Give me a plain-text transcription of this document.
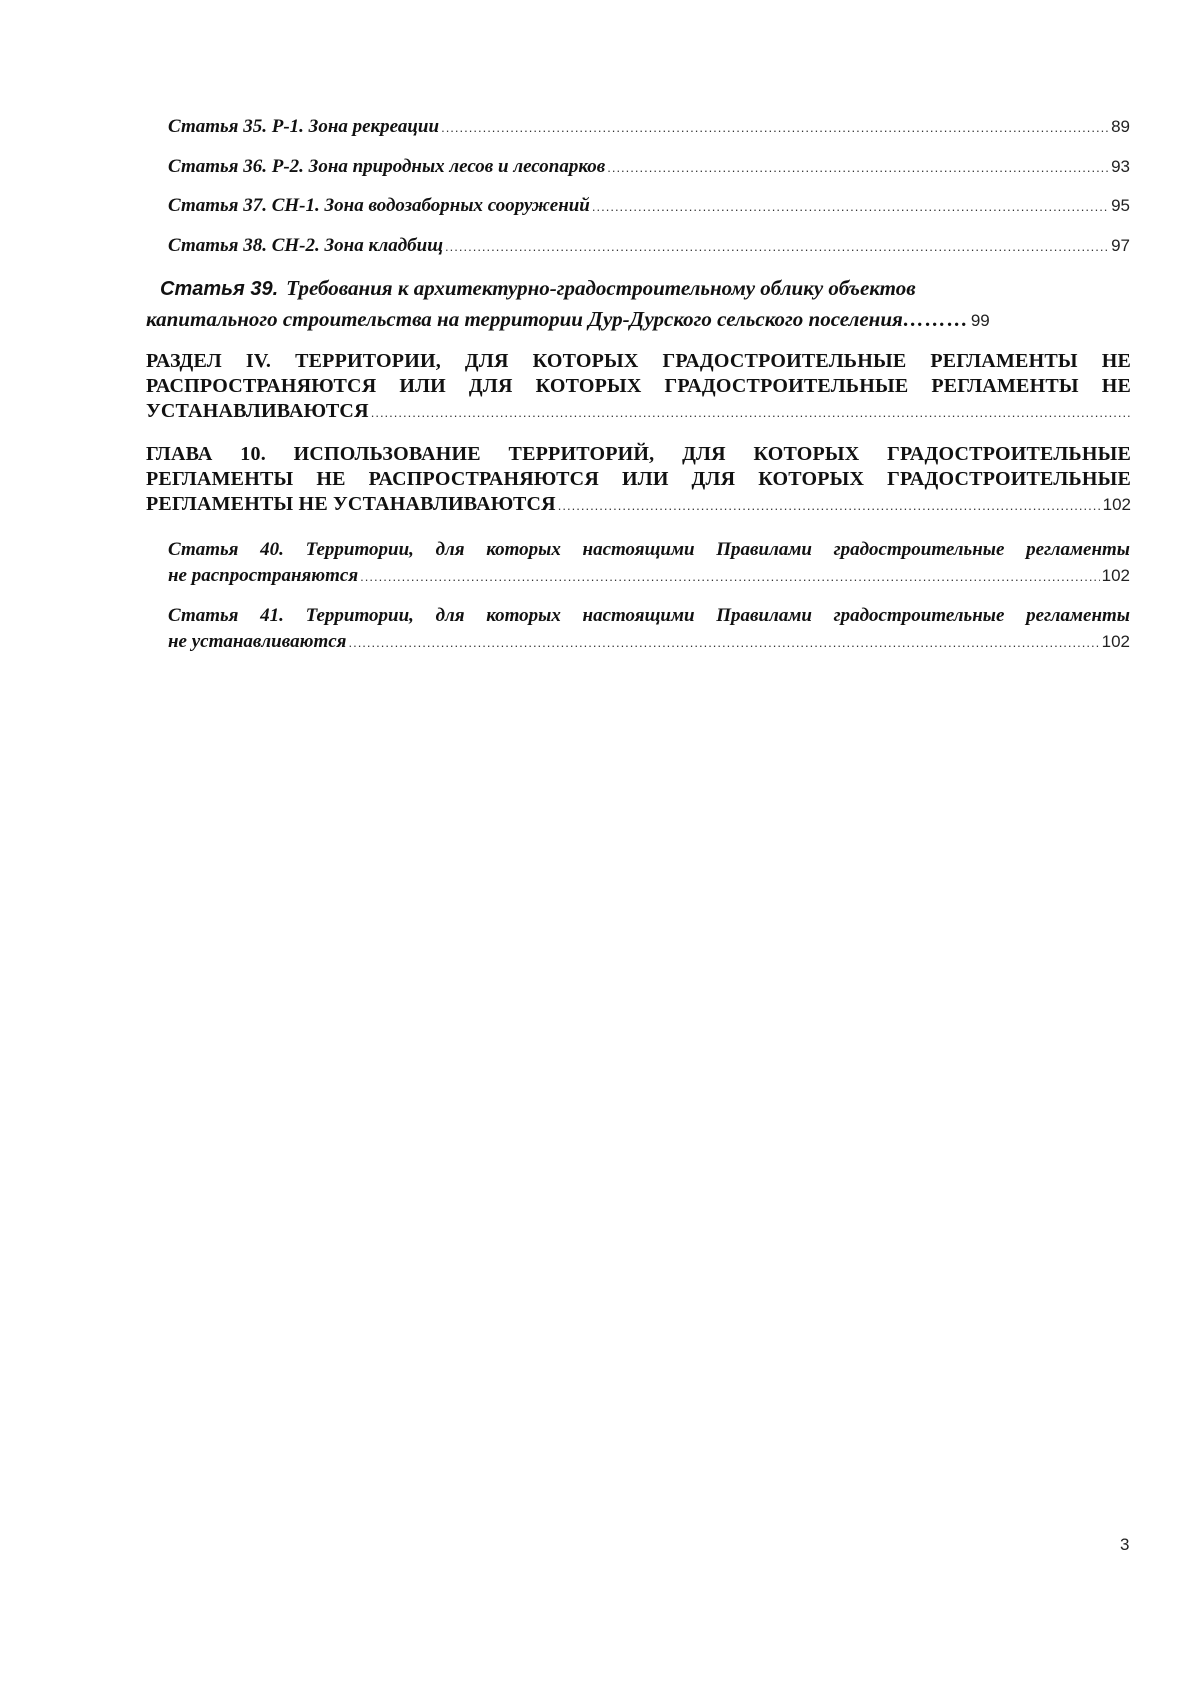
Статья 35. Р-1. Зона рекреации .....	89
Статья 36. Р-2. Зона природных лесов и лесопарков .....	93
Статья 37. СН-1. Зона водозаборных сооружений .....	95
Статья 38. СН-2. Зона кладбищ .....	97
Статья 39. Требования к архитектурно-градостроительному облику объектов
капитального строительства на территории Дур-Дурского сельского поселения ……… 99
РАЗДЕЛ IV. ТЕРРИТОРИИ, ДЛЯ КОТОРЫХ ГРАДОСТРОИТЕЛЬНЫЕ РЕГЛАМЕНТЫ НЕ
РАСПРОСТРАНЯЮТСЯ ИЛИ ДЛЯ КОТОРЫХ ГРАДОСТРОИТЕЛЬНЫЕ РЕГЛАМЕНТЫ НЕ
УСТАНАВЛИВАЮТСЯ
.....
ГЛАВА 10. ИСПОЛЬЗОВАНИЕ ТЕРРИТОРИЙ, ДЛЯ КОТОРЫХ ГРАДОСТРОИТЕЛЬНЫЕ
РЕГЛАМЕНТЫ НЕ РАСПРОСТРАНЯЮТСЯ ИЛИ ДЛЯ КОТОРЫХ ГРАДОСТРОИТЕЛЬНЫЕ
РЕГЛАМЕНТЫ НЕ УСТАНАВЛИВАЮТСЯ .....	102
Статья 40. Территории, для которых настоящими Правилами градостроительные регламенты
не распространяются .....	102
Статья 41. Территории, для которых настоящими Правилами градостроительные регламенты
не устанавливаются .....	102
3
